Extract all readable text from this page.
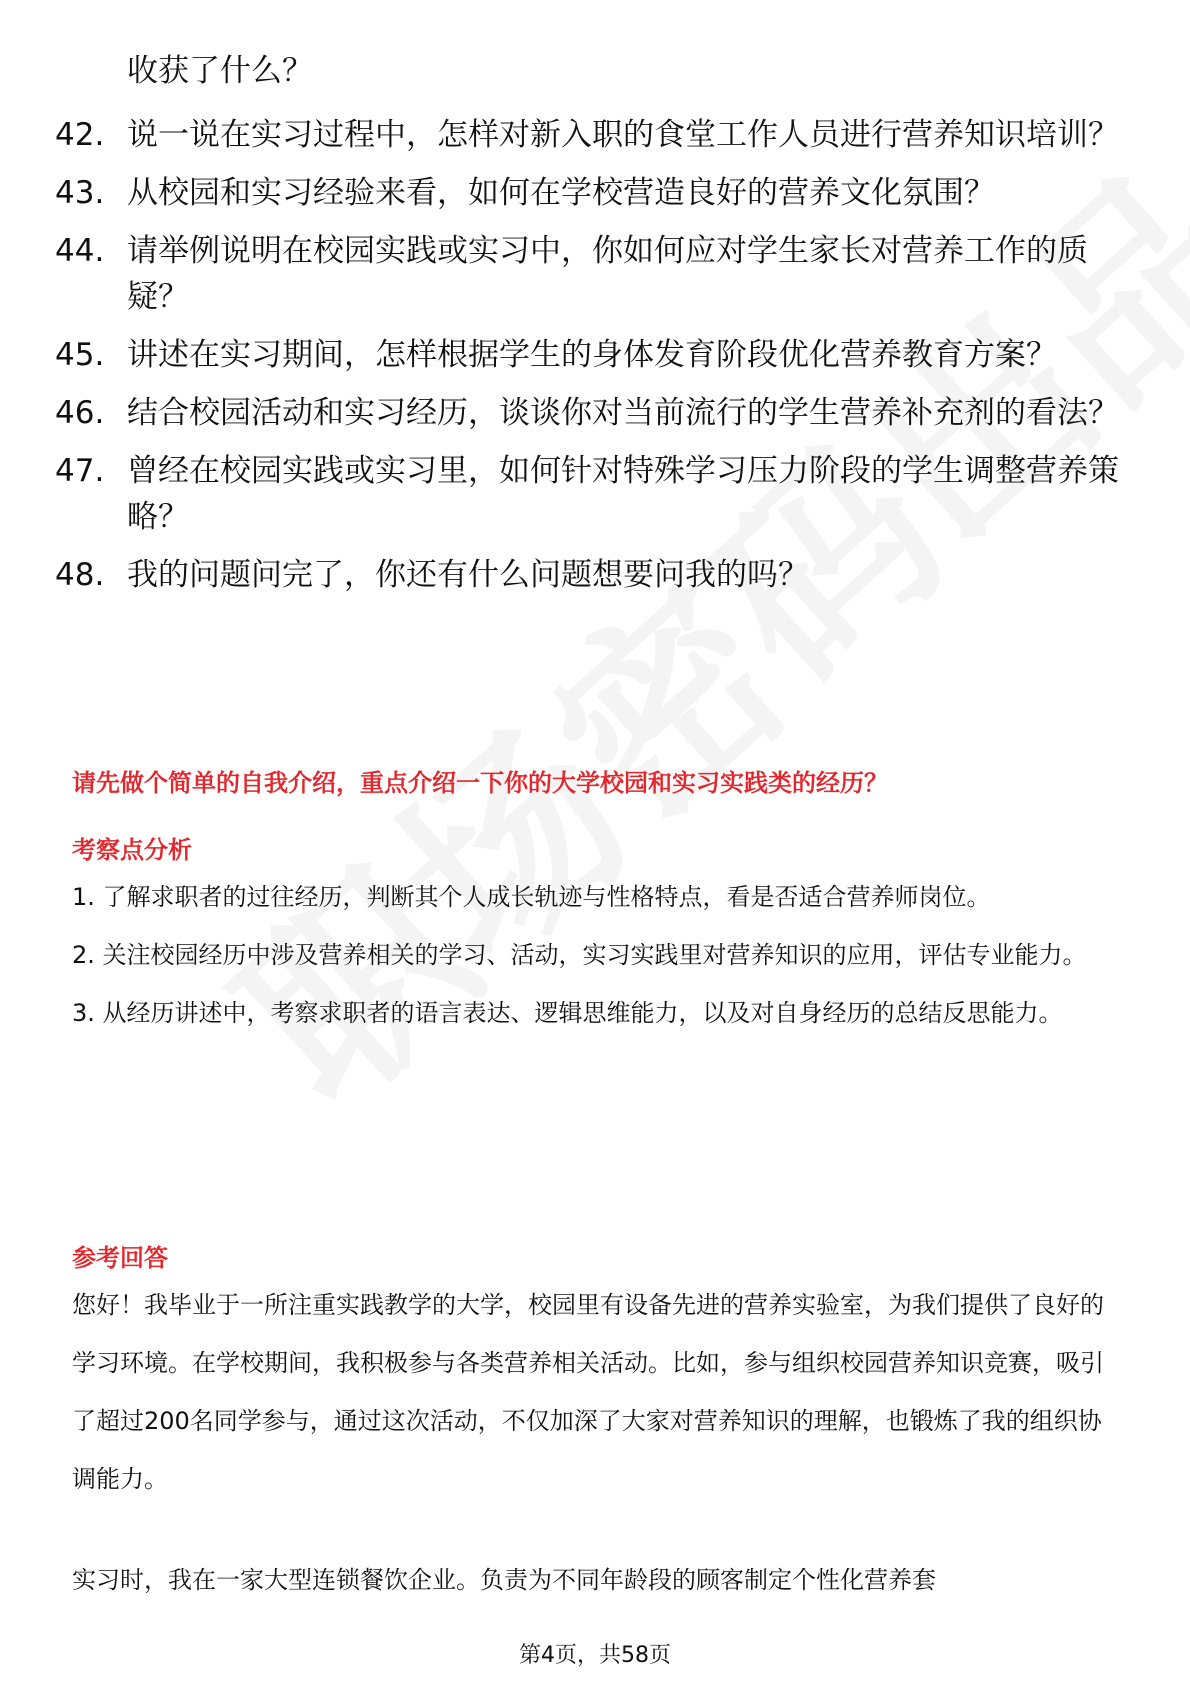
收获了什么？
42. 说一说在实习过程中，怎样对新入职的食堂工作人员进行营养知识培训？
43. 从校园和实习经验来看，如何在学校营造良好的营养文化氛围？
44. 请举例说明在校园实践或实习中，你如何应对学生家长对营养工作的质疑？
45. 讲述在实习期间，怎样根据学生的身体发育阶段优化营养教育方案？
46. 结合校园活动和实习经历，谈谈你对当前流行的学生营养补充剂的看法？
47. 曾经在校园实践或实习里，如何针对特殊学习压力阶段的学生调整营养策略？
48. 我的问题问完了，你还有什么问题想要问我的吗？
请先做个简单的自我介绍，重点介绍一下你的大学校园和实习实践类的经历？
考察点分析

1. 了解求职者的过往经历，判断其个人成长轨迹与性格特点，看是否适合营养师岗位。

2. 关注校园经历中涉及营养相关的学习、活动，实习实践里对营养知识的应用，评估专业能力。

3. 从经历讲述中，考察求职者的语言表达、逻辑思维能力，以及对自身经历的总结反思能力。

参考回答

您好！我毕业于一所注重实践教学的大学，校园里有设备先进的营养实验室，为我们提供了良好的学习环境。在学校期间，我积极参与各类营养相关活动。比如，参与组织校园营养知识竞赛，吸引了超过200名同学参与，通过这次活动，不仅加深了大家对营养知识的理解，也锻炼了我的组织协调能力。

实习时，我在一家大型连锁餐饮企业。负责为不同年龄段的顾客制定个性化营养套

第4页，共58页
